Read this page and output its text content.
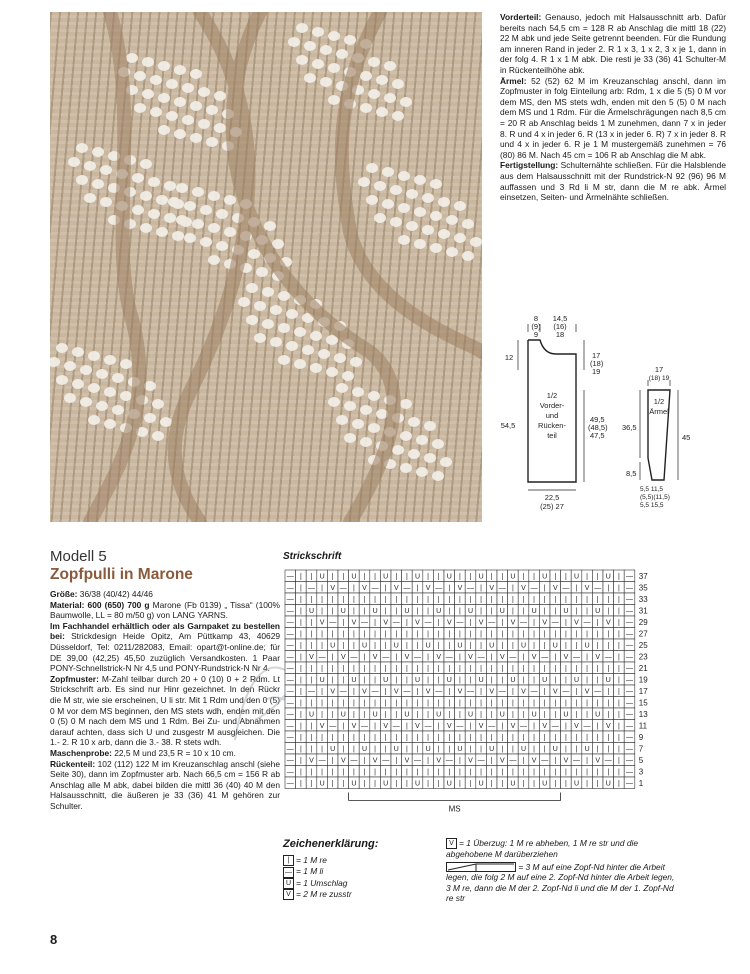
Vorderteil: Genauso, jedoch mit Halsausschnitt arb. Dafür bereits nach 54,5 cm = 128 R ab Anschlag die mittl 18 (22) 22 M abk und jede Seite getrennt beenden. Für die Rundung am inneren Rand in jeder 2. R 1 x 3, 1 x 2, 3 x je 1, dann in der folg 4. R 1 x 1 M abk. Die resti je 33 (36) 41 Schulter-M in Rückenteilhöhe abk.

Ärmel: 52 (52) 62 M im Kreuzanschlag anschl, dann im Zopfmuster in folg Einteilung arb: Rdm, 1 x die 5 (5) 0 M vor dem MS, den MS stets wdh, enden mit den 5 (5) 0 M nach dem MS und 1 Rdm. Für die Ärmelschrägungen nach 8,5 cm = 20 R ab Anschlag beids 1 M zunehmen, dann 7 x in jeder 8. R und 4 x in jeder 6. R (13 x in jeder 6. R) 7 x in jeder 8. R und 4 x in jeder 6. R je 1 M mustergemäß zunehmen = 76 (80) 86 M. Nach 45 cm = 106 R ab Anschlag die M abk.

Fertigstellung: Schulternähte schließen. Für die Halsblende aus dem Halsausschnitt mit der Rundstrick-N 92 (96) 96 M auffassen und 3 Rd li M str, dann die M re abk. Ärmel einsetzen, Seiten- und Ärmelnähte schließen.

8
(9)
9
14,5
(16)
18
12	17
(18)
19
1/2
Vorder-
und
Rücken-
teil
54,5
49,5
(48,5)
47,5
22,5
(25) 27
17
(18) 19
1/2
Ärmel
36,5
45
8,5
5,5 11,5
(5,5)(11,5)
5,5 15,5
Modell 5
Zopfpulli in Marone

Größe: 36/38 (40/42) 44/46

Material: 600 (650) 700 g Marone (Fb 0139) „ Tissa“ (100% Baumwolle, LL = 80 m/50 g) von LANG YARNS.

Im Fachhandel erhältlich oder als Garnpaket zu bestellen bei: Strickdesign Heide Opitz, Am Püttkamp 43, 40629 Düsseldorf, Tel: 0211/282083, Email: opart@t-online.de; für DE 39,00 (42,25) 45,50 zuzüglich Versandkosten. 1 Paar PONY-Schnellstrick-N Nr 4,5 und PONY-Rundstrick-N Nr 4.

Zopfmuster: M-Zahl teilbar durch 20 + 0 (10) 0 + 2 Rdm. Lt Strickschrift arb. Es sind nur Hinr gezeichnet. In den Rückr die M str, wie sie erscheinen, U li str. Mit 1 Rdm und den 0 (5) 0 M vor dem MS beginnen, den MS stets wdh, enden mit den 0 (5) 0 M nach dem MS und 1 Rdm. Bei Zu- und Abnahmen darauf achten, dass sich U und zusgestr M ausgleichen. Die 1.- 2. R 10 x arb, dann die 3.- 38. R stets wdh.

Maschenprobe: 22,5 M und 23,5 R = 10 x 10 cm.

Rückenteil: 102 (112) 122 M im Kreuzanschlag anschl (siehe Seite 30), dann im Zopfmuster arb. Nach 66,5 cm = 156 R ab Anschlag alle M abk, dabei bilden die mittl 36 (40) 40 M den Halsausschnitt, die äußeren je 33 (36) 41 M gehören zur Schulter.

8
Strickschrift
— | | U | | U | | U | | U | | U | | U | | U | | U | | U | | U | — 37
— | — | V — | V — | V — | V — | V — | V — | V — | V — | V — | | — 35
— | | | | | | | | | | | | | | | | | | | | | | | | | | | | | | | — 33
— | U | | U | | U | | U | | U | | U | | U | | U | | U | | U | | — 31
— | | V — | V — | V — | V — | V — | V — | V — | V — | V — | V | — 29
— | | | | | | | | | | | | | | | | | | | | | | | | | | | | | | | — 27
— | | | U | | U | | U | | U | | U | | U | | U | | U | | U | | | — 25
— | V — | V — | V — | V — | V — | V — | V — | V — | V — | V — | — 23
— | | | | | | | | | | | | | | | | | | | | | | | | | | | | | | | — 21
— | | U | | U | | U | | U | | U | | U | | U | | U | | U | | U | — 19
— | — | V — | V — | V — | V — | V — | V — | V — | V — | V — | | — 17
— | | | | | | | | | | | | | | | | | | | | | | | | | | | | | | | — 15
— | U | | U | | U | | U | | U | | U | | U | | U | | U | | U | | — 13
— | | V — | V — | V — | V — | V — | V — | V — | V — | V — | V | — 11
— | | | | | | | | | | | | | | | | | | | | | | | | | | | | | | | — 9
— | | | U | | U | | U | | U | | U | | U | | U | | U | | U | | | — 7
— | V — | V — | V — | V — | V — | V — | V — | V — | V — | V — | — 5
— | | | | | | | | | | | | | | | | | | | | | | | | | | | | | | | — 3
— | | U | | U | | U | | U | | U | | U | | U | | U | | U | | U | — 1
MS
Zeichenerklärung:
| = 1 M re
— = 1 M li
U = 1 Umschlag
V = 2 M re zusstr
V = 1 Überzug: 1 M re abheben, 1 M re str und die abgehobene M darüberziehen
= 3 M auf eine Zopf-Nd hinter die Arbeit legen, die folg 2 M auf eine 2. Zopf-Nd hinter die Arbeit legen, 3 M re, dann die M der 2. Zopf-Nd li und die M der 1. Zopf-Nd re str
